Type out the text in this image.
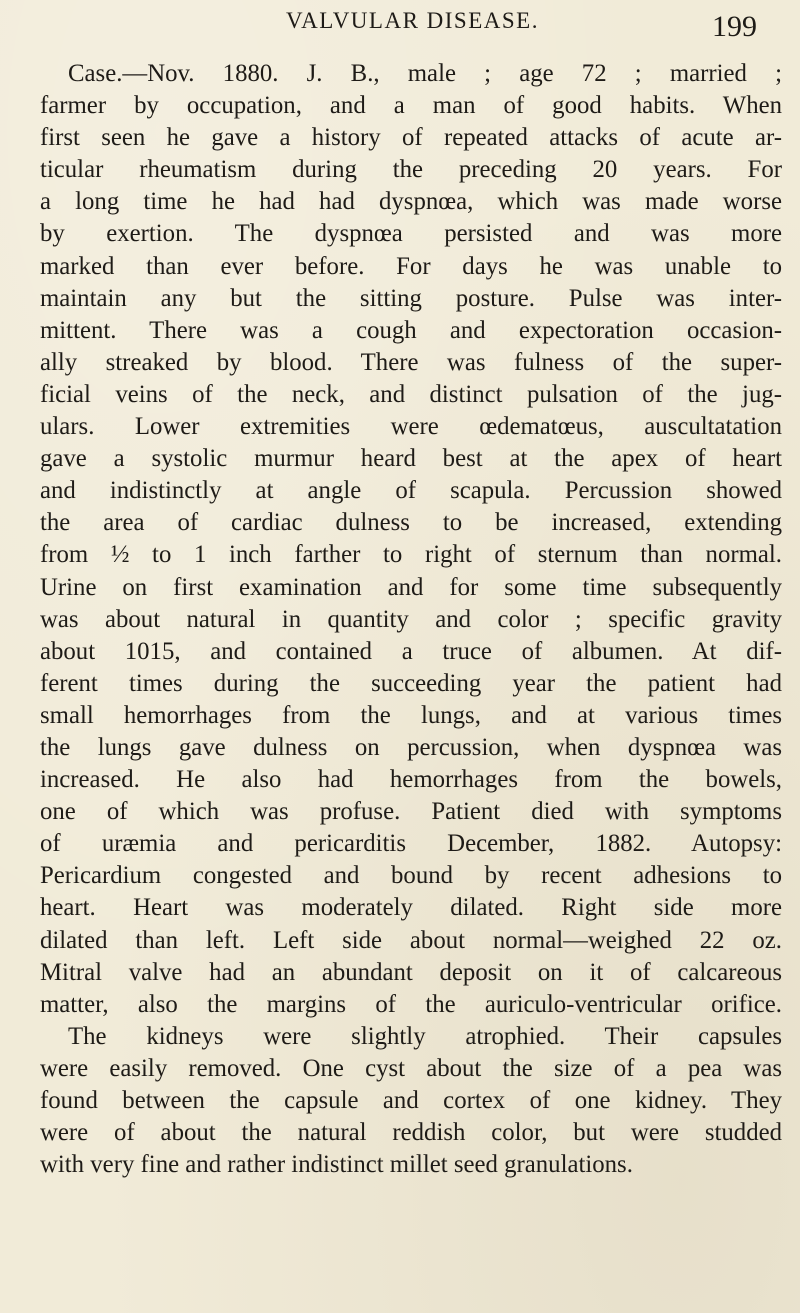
VALVULAR DISEASE.	199
Case.—Nov. 1880. J. B., male ; age 72 ; married ;
farmer by occupation, and a man of good habits. When
first seen he gave a history of repeated attacks of acute ar-
ticular rheumatism during the preceding 20 years. For
a long time he had had dyspnœa, which was made worse
by exertion. The dyspnœa persisted and was more
marked than ever before. For days he was unable to
maintain any but the sitting posture. Pulse was inter-
mittent. There was a cough and expectoration occasion-
ally streaked by blood. There was fulness of the super-
ficial veins of the neck, and distinct pulsation of the jug-
ulars. Lower extremities were œdematœus, auscultatation
gave a systolic murmur heard best at the apex of heart
and indistinctly at angle of scapula. Percussion showed
the area of cardiac dulness to be increased, extending
from ½ to 1 inch farther to right of sternum than normal.
Urine on first examination and for some time subsequently
was about natural in quantity and color ; specific gravity
about 1015, and contained a truce of albumen. At dif-
ferent times during the succeeding year the patient had
small hemorrhages from the lungs, and at various times
the lungs gave dulness on percussion, when dyspnœa was
increased. He also had hemorrhages from the bowels,
one of which was profuse. Patient died with symptoms
of uræmia and pericarditis December, 1882. Autopsy:
Pericardium congested and bound by recent adhesions to
heart. Heart was moderately dilated. Right side more
dilated than left. Left side about normal—weighed 22 oz.
Mitral valve had an abundant deposit on it of calcareous
matter, also the margins of the auriculo-ventricular orifice.
The kidneys were slightly atrophied. Their capsules
were easily removed. One cyst about the size of a pea was
found between the capsule and cortex of one kidney. They
were of about the natural reddish color, but were studded
with very fine and rather indistinct millet seed granulations.
